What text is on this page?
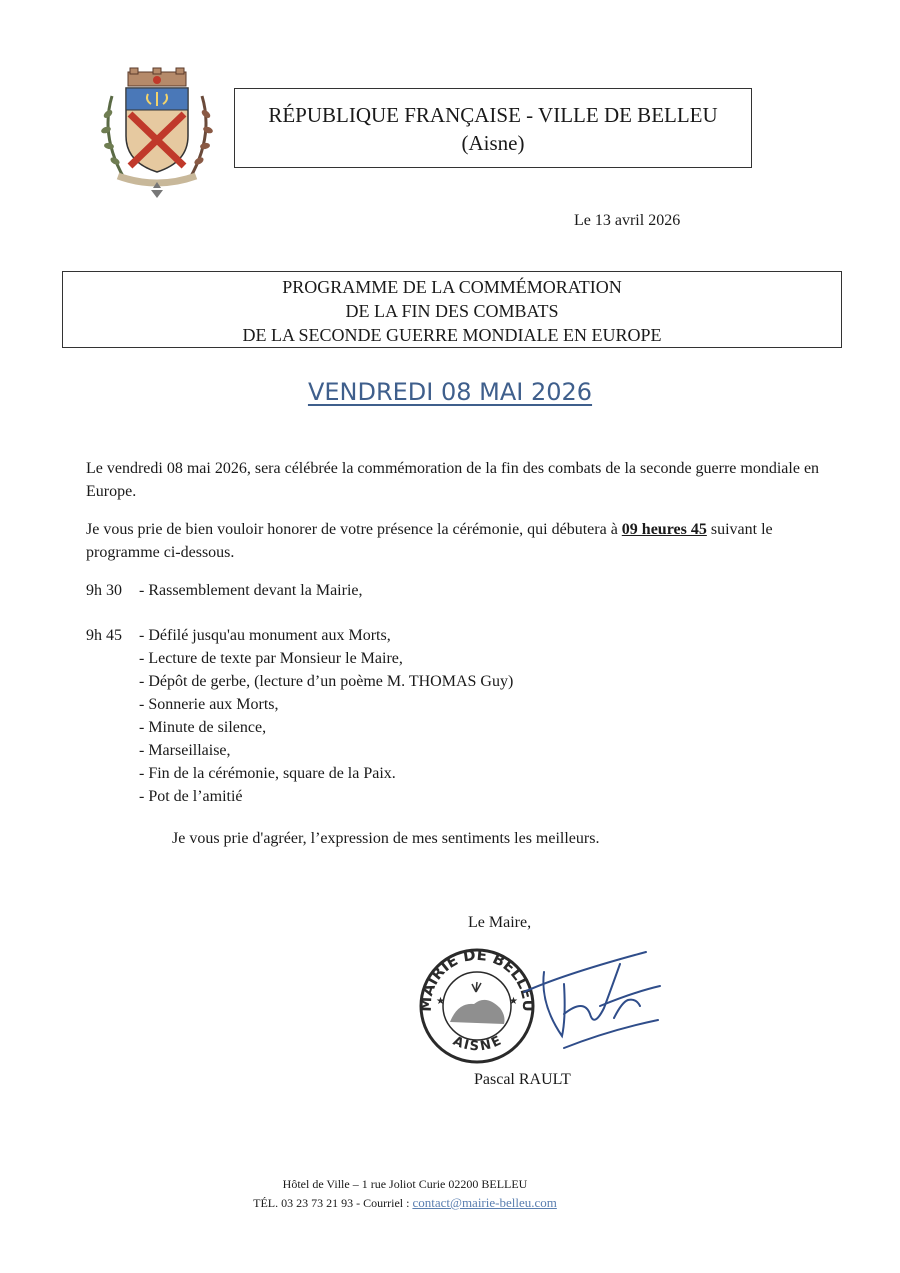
RÉPUBLIQUE FRANÇAISE - VILLE DE BELLEU
(Aisne)
Le 13 avril 2026
PROGRAMME DE LA COMMÉMORATION
DE LA FIN DES COMBATS
DE LA SECONDE GUERRE MONDIALE EN EUROPE
VENDREDI 08 MAI 2026
Le vendredi 08 mai 2026, sera célébrée la commémoration de la fin des combats de la seconde guerre mondiale en Europe.
Je vous prie de bien vouloir honorer de votre présence la cérémonie, qui débutera à 09 heures 45 suivant le programme ci-dessous.
9h 30 - Rassemblement devant la Mairie,
9h 45 - Défilé jusqu'au monument aux Morts,
- Lecture de texte par Monsieur le Maire,
- Dépôt de gerbe, (lecture d’un poème M. THOMAS Guy)
- Sonnerie aux Morts,
- Minute de silence,
- Marseillaise,
- Fin de la cérémonie, square de la Paix.
- Pot de l’amitié
Je vous prie d'agréer, l’expression de mes sentiments les meilleurs.
Le Maire,
MAIRIE DE BELLEU
AISNE
★	★
Pascal RAULT
Hôtel de Ville – 1 rue Joliot Curie 02200 BELLEU
TÉL. 03 23 73 21 93 - Courriel : contact@mairie-belleu.com
